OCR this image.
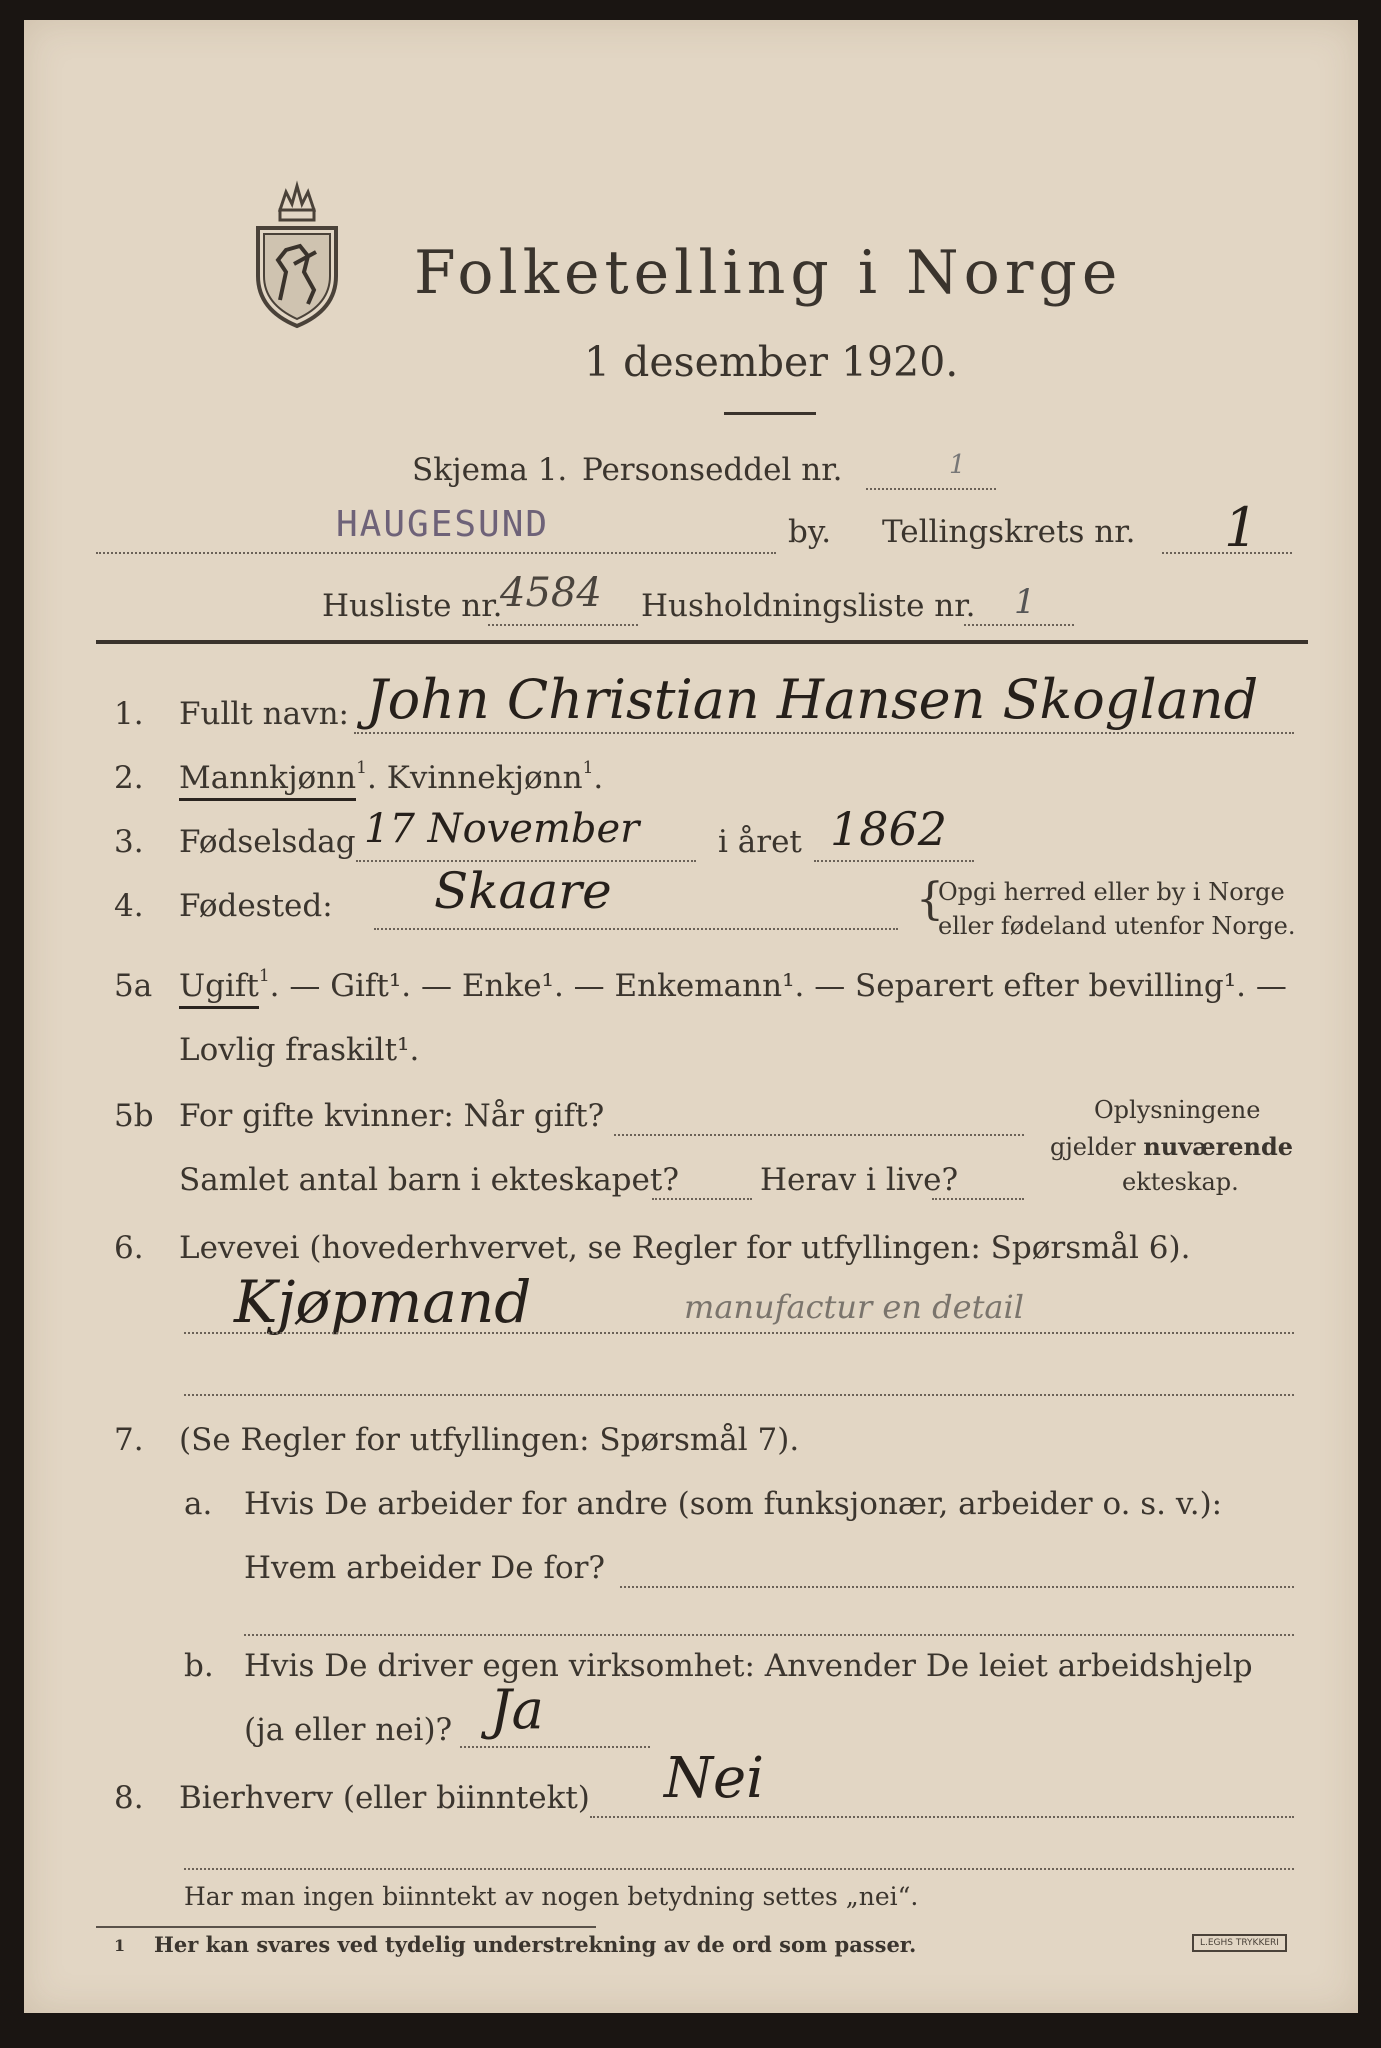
Folketelling i Norge
1 desember 1920.
Skjema 1. Personseddel nr.	1
HAUGESUND	by. Tellingskrets nr. 1
Husliste nr.
4584 Husholdningsliste nr. 1
1. Fullt navn: John Christian Hansen Skogland
2. Mannkjønn$^1$. Kvinnekjønn$^1$.
3. Fødselsdag 17 November	i året 1862
4. Fødested: Skaare	{
Opgi herred eller by i Norge
eller fødeland utenfor Norge.
5a Ugift$^1$. — Gift¹. — Enke¹. — Enkemann¹. — Separert efter bevilling¹. —
Lovlig fraskilt¹.
5b For gifte kvinner: Når gift?
Samlet antal barn i ekteskapet?	Herav i live?
Oplysningene
gjelder nuværende
ekteskap.
6. Levevei (hovederhvervet, se Regler for utfyllingen: Spørsmål 6).
Kjøpmand	manufactur en detail
7. (Se Regler for utfyllingen: Spørsmål 7).
a. Hvis De arbeider for andre (som funksjonær, arbeider o. s. v.):
Hvem arbeider De for?
b. Hvis De driver egen virksomhet: Anvender De leiet arbeidshjelp
(ja eller nei)? Ja
8. Bierhverv (eller biinntekt) Nei
Har man ingen biinntekt av nogen betydning settes „nei“.
1 Her kan svares ved tydelig understrekning av de ord som passer.	L.EGHS TRYKKERI
